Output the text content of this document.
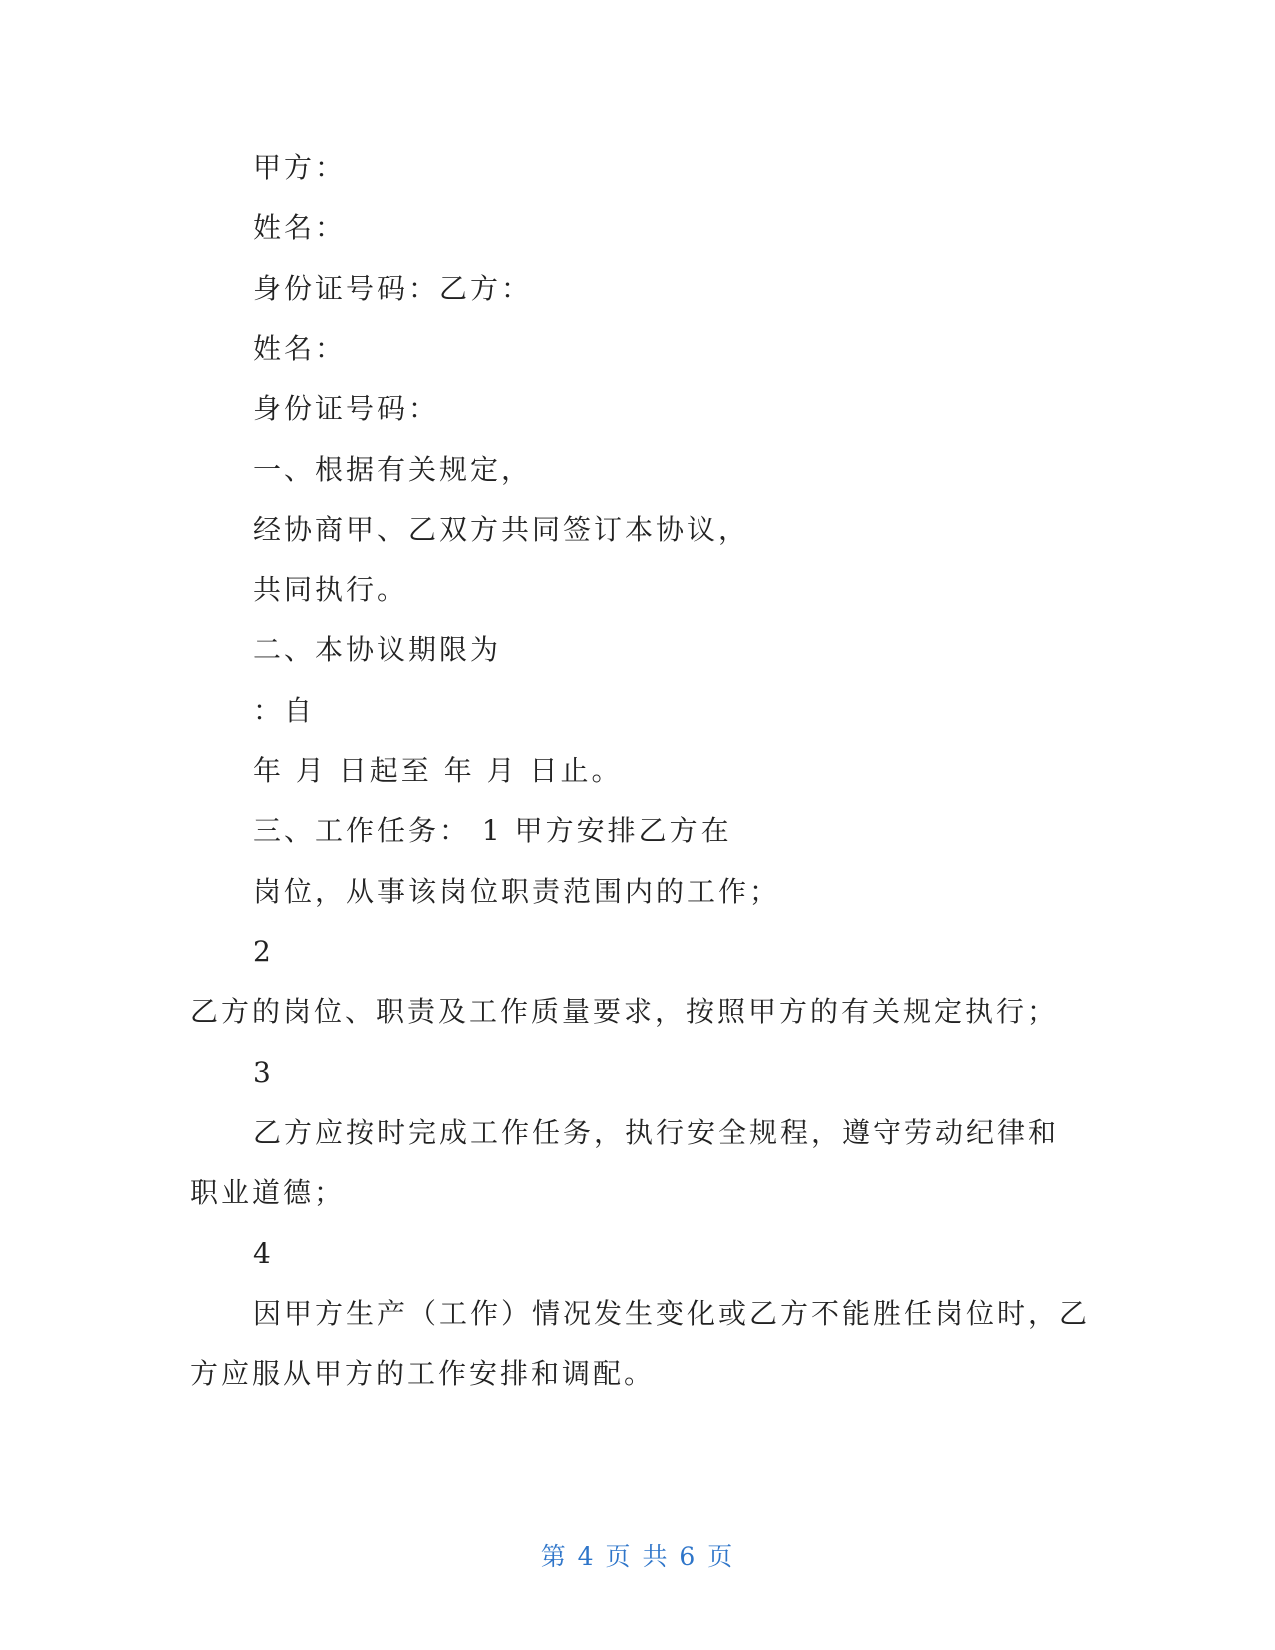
甲方：
姓名：
身份证号码：乙方：
姓名：
身份证号码：
一、根据有关规定，
经协商甲、乙双方共同签订本协议，
共同执行。
二、本协议期限为
：自
年 月 日起至 年 月 日止。
三、工作任务： 1 甲方安排乙方在
岗位，从事该岗位职责范围内的工作；
2
乙方的岗位、职责及工作质量要求，按照甲方的有关规定执行；
3
乙方应按时完成工作任务，执行安全规程，遵守劳动纪律和
职业道德；
4
因甲方生产（工作）情况发生变化或乙方不能胜任岗位时，乙
方应服从甲方的工作安排和调配。
第 4 页 共 6 页
